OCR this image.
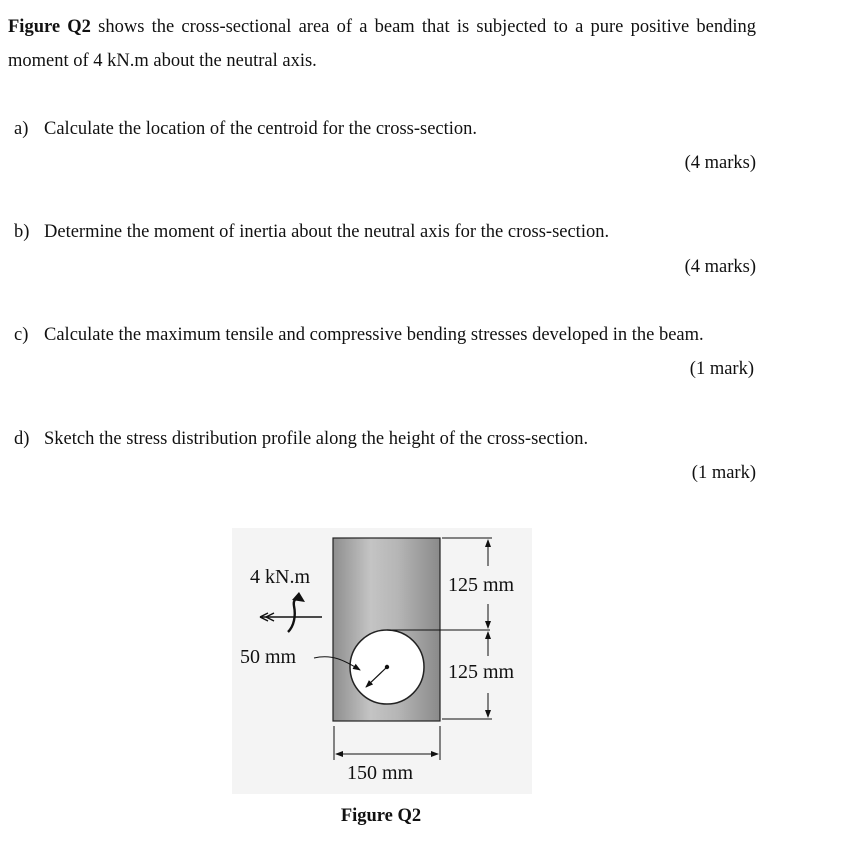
Figure Q2 shows the cross-sectional area of a beam that is subjected to a pure positive bending moment of 4 kN.m about the neutral axis.
a) Calculate the location of the centroid for the cross-section.
(4 marks)
b) Determine the moment of inertia about the neutral axis for the cross-section.
(4 marks)
c) Calculate the maximum tensile and compressive bending stresses developed in the beam.
(1 mark)
d) Sketch the stress distribution profile along the height of the cross-section.
(1 mark)
125 mm
125 mm
150 mm
4 kN.m
50 mm
Figure Q2
